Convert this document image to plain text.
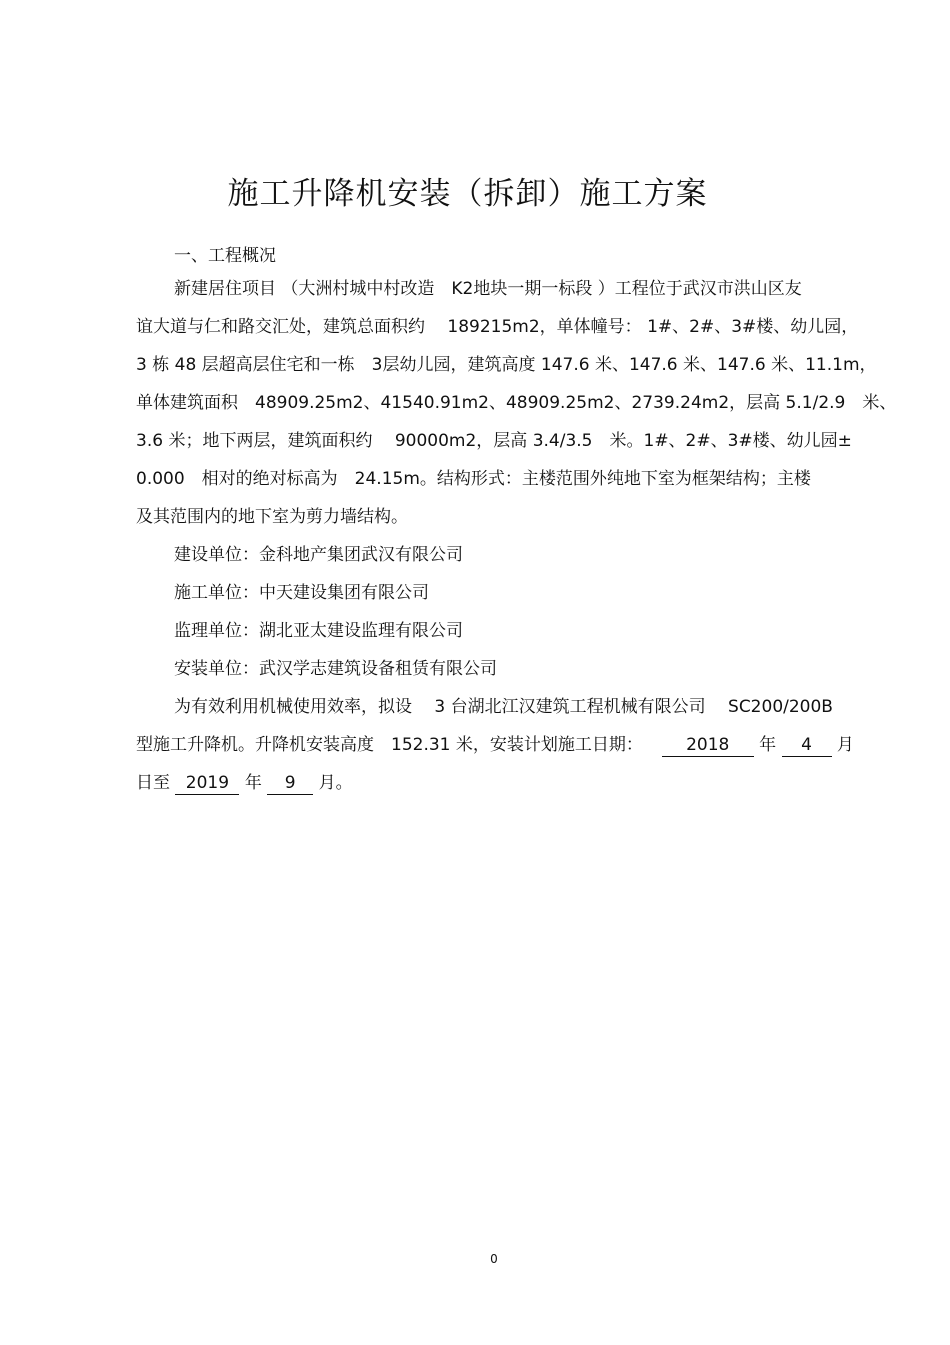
施工升降机安装（拆卸）施工方案
一、工程概况
新建居住项目 （大洲村城中村改造　K2地块一期一标段 ）工程位于武汉市洪山区友
谊大道与仁和路交汇处，建筑总面积约　 189215m2，单体幢号： 1#、2#、3#楼、幼儿园，
3 栋 48 层超高层住宅和一栋　3层幼儿园，建筑高度 147.6 米、147.6 米、147.6 米、11.1m，
单体建筑面积　48909.25m2、41540.91m2、48909.25m2、2739.24m2，层高 5.1/2.9　米、
3.6 米；地下两层，建筑面积约　 90000m2，层高 3.4/3.5　米。1#、2#、3#楼、幼儿园±
0.000　相对的绝对标高为　24.15m。结构形式：主楼范围外纯地下室为框架结构；主楼
及其范围内的地下室为剪力墙结构。
建设单位：金科地产集团武汉有限公司
施工单位：中天建设集团有限公司
监理单位：湖北亚太建设监理有限公司
安装单位：武汉学志建筑设备租赁有限公司
为有效利用机械使用效率，拟设　 3 台湖北江汉建筑工程机械有限公司　 SC200/200B
型施工升降机。升降机安装高度　152.31 米，安装计划施工日期：	2018 年 4 月
日至 2019 年 9 月。
0
